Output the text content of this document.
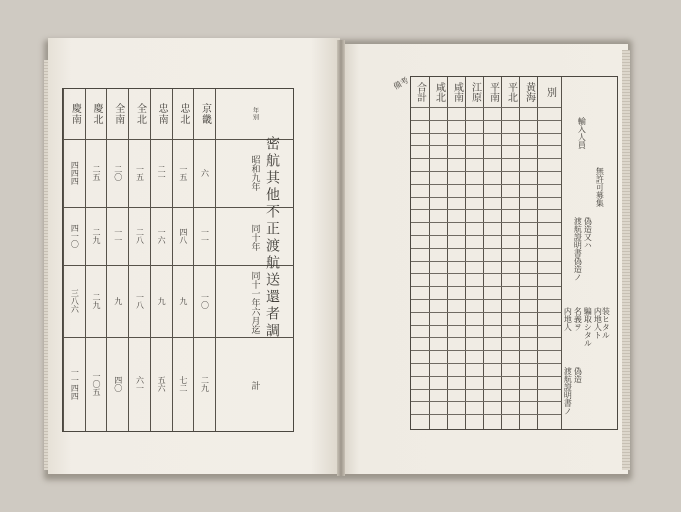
慶南
四四四
四一〇
三八六
一一四四
慶北
二五
二九
二九
一〇五
全南
二〇
一一
九
四〇
全北
一五
二八
一八
六一
忠南
二一
一六
九
五六
忠北
一五
四八
九
七二
京畿
六
一一
一〇
二九
年別
昭和九年
同十年
同十一年六月迄
計
密航其他不正渡航送還者調
備考 合計 咸北 咸南 江原 平南 平北 黄海	別
輸入人員
無許可募集
渡航證明書偽造ノ 偽造又ハ
内地人 名義ヲ 騙取シタル 内地人ト 装ヒタル
渡航證明書ノ 偽造
